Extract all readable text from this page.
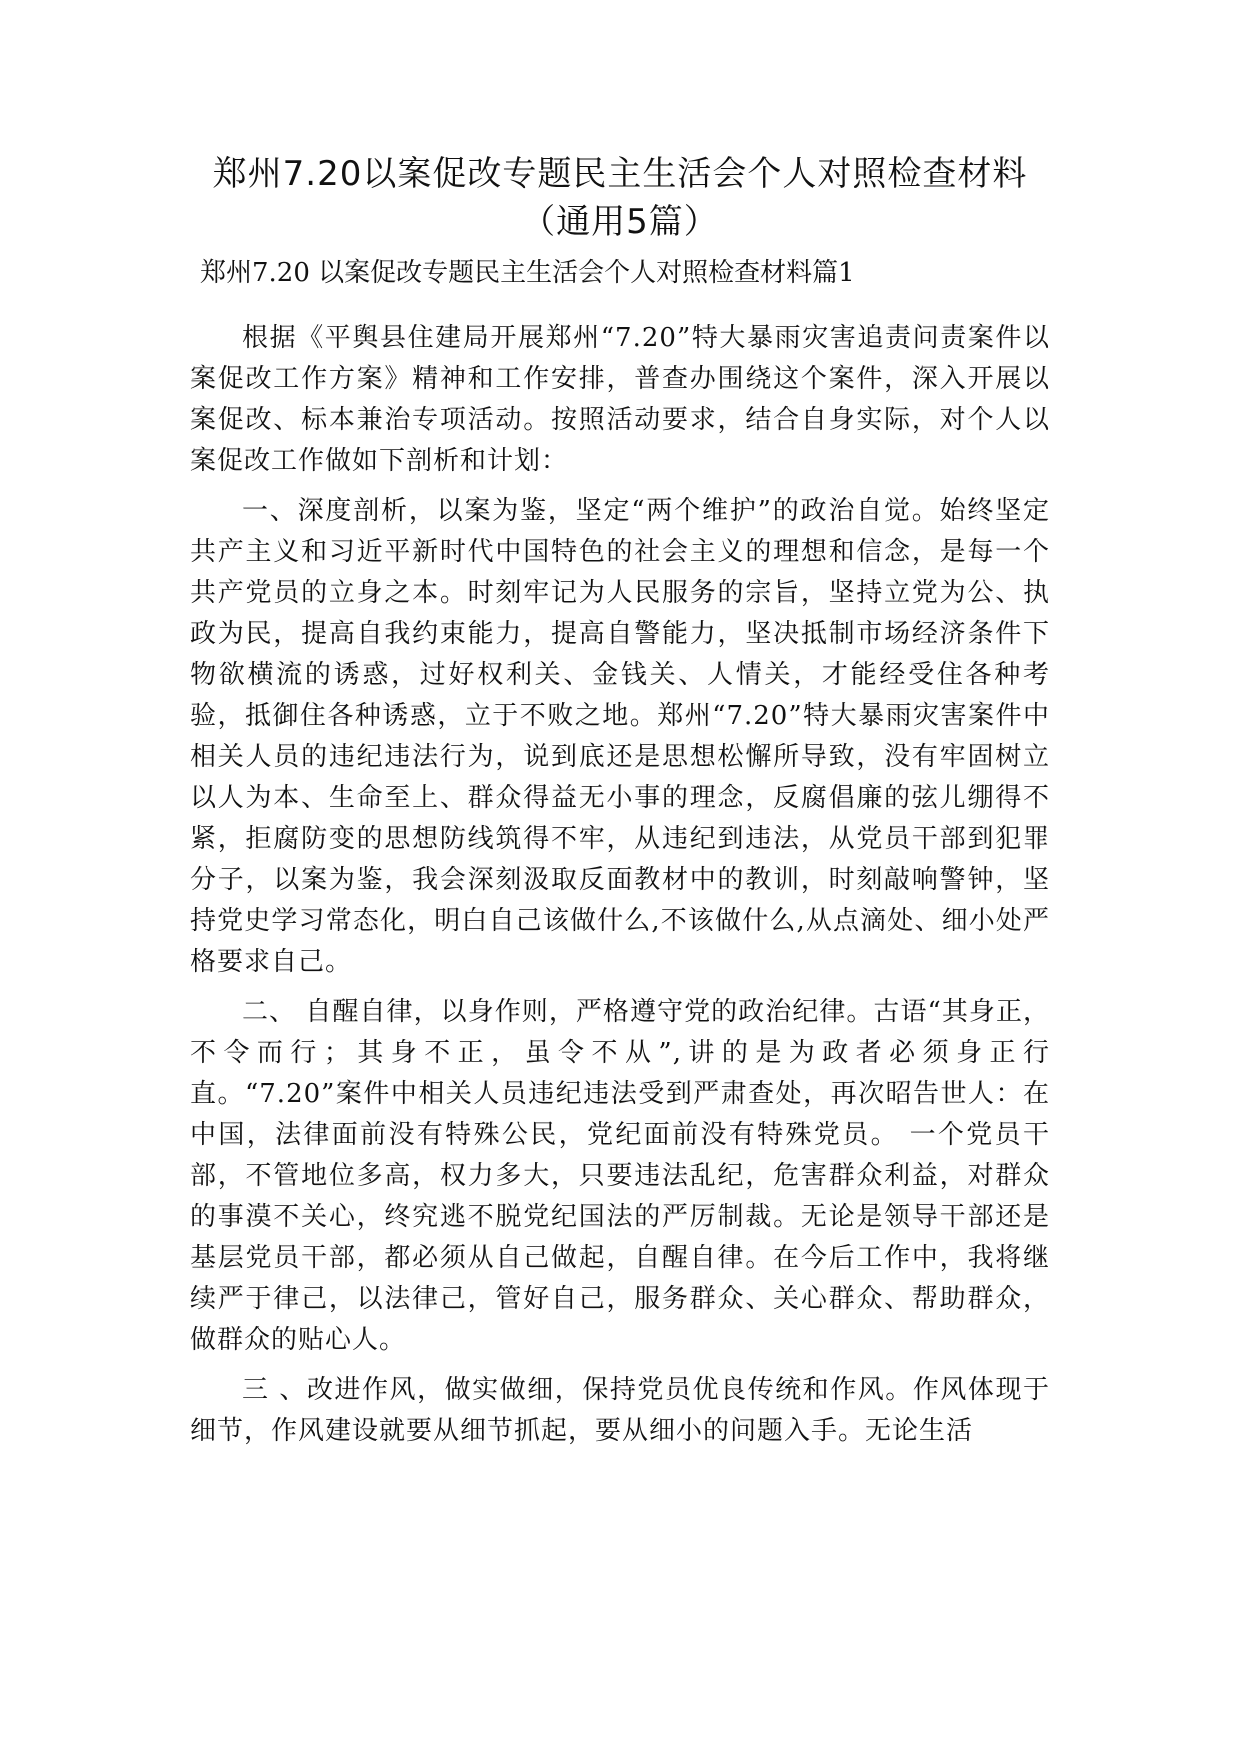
郑州7.20以案促改专题民主生活会个人对照检查材料（通用5篇）
郑州7.20 以案促改专题民主生活会个人对照检查材料篇1

根据《平舆县住建局开展郑州“7.20”特大暴雨灾害追责问责案件以案促改工作方案》精神和工作安排，普查办围绕这个案件，深入开展以案促改、标本兼治专项活动。按照活动要求，结合自身实际，对个人以案促改工作做如下剖析和计划：

一、深度剖析，以案为鉴，坚定“两个维护”的政治自觉。始终坚定共产主义和习近平新时代中国特色的社会主义的理想和信念，是每一个共产党员的立身之本。时刻牢记为人民服务的宗旨，坚持立党为公、执政为民，提高自我约束能力，提高自警能力，坚决抵制市场经济条件下物欲横流的诱惑，过好权利关、金钱关、人情关，才能经受住各种考验，抵御住各种诱惑，立于不败之地。郑州“7.20”特大暴雨灾害案件中相关人员的违纪违法行为，说到底还是思想松懈所导致，没有牢固树立以人为本、生命至上、群众得益无小事的理念，反腐倡廉的弦儿绷得不紧，拒腐防变的思想防线筑得不牢，从违纪到违法，从党员干部到犯罪分子，以案为鉴，我会深刻汲取反面教材中的教训，时刻敲响警钟，坚持党史学习常态化，明白自己该做什么,不该做什么,从点滴处、细小处严格要求自己。

二、 自醒自律，以身作则，严格遵守党的政治纪律。古语“其身正，不令而行；其身不正，虽令不从”,讲的是为政者必须身正行直。“7.20”案件中相关人员违纪违法受到严肃查处，再次昭告世人：在中国，法律面前没有特殊公民，党纪面前没有特殊党员。 一个党员干部，不管地位多高，权力多大，只要违法乱纪，危害群众利益，对群众的事漠不关心，终究逃不脱党纪国法的严厉制裁。无论是领导干部还是基层党员干部，都必须从自己做起，自醒自律。在今后工作中，我将继续严于律己，以法律己，管好自己，服务群众、关心群众、帮助群众，做群众的贴心人。

三 、改进作风，做实做细，保持党员优良传统和作风。作风体现于细节，作风建设就要从细节抓起，要从细小的问题入手。无论生活
